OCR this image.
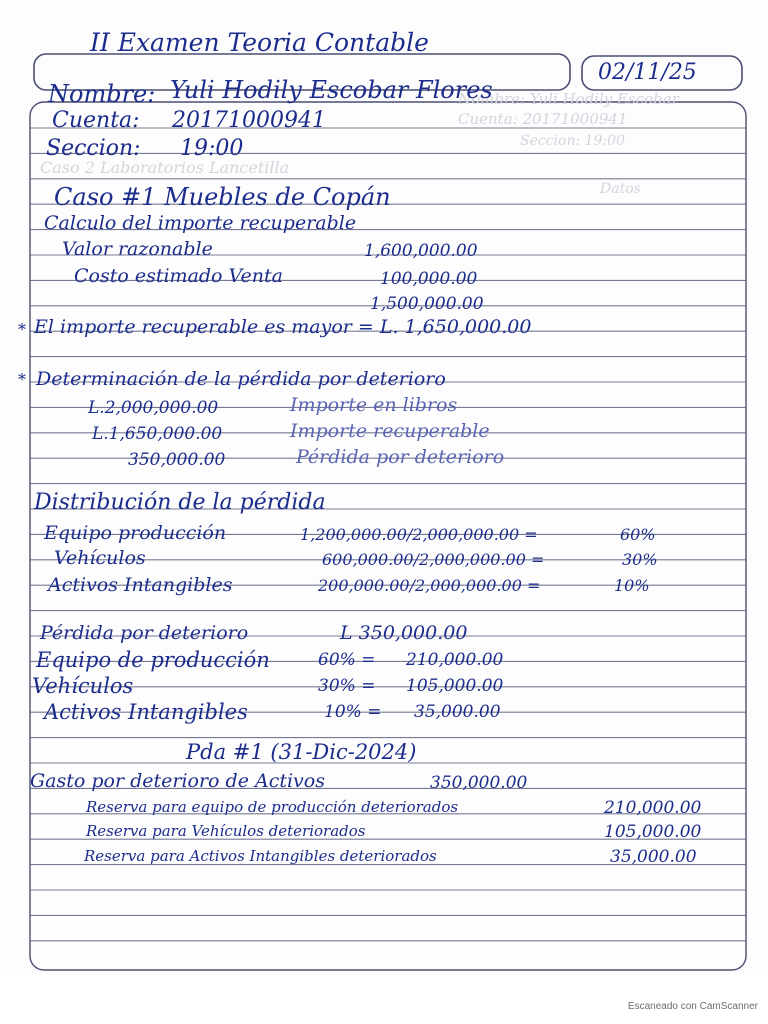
Nombre: Yuli Hodily Escobar
Cuenta: 20171000941
Seccion: 19:00
Caso 2 Laboratorios Lancetilla
Datos
II Examen Teoria Contable
02/11/25
Nombre: Yuli Hodily Escobar Flores
Cuenta: 20171000941
Seccion: 19:00
Caso #1 Muebles de Copán
Calculo del importe recuperable
Valor razonable	1,600,000.00
Costo estimado Venta	100,000.00
1,500,000.00
* El importe recuperable es mayor = L. 1,650,000.00
* Determinación de la pérdida por deterioro
L.2,000,000.00	Importe en libros
L.1,650,000.00	Importe recuperable
350,000.00	Pérdida por deterioro
Distribución de la pérdida
Equipo producción	1,200,000.00/2,000,000.00 =	60%
Vehículos	600,000.00/2,000,000.00 =	30%
Activos Intangibles	200,000.00/2,000,000.00 =	10%
Pérdida por deterioro	L 350,000.00
Equipo de producción	60% = 210,000.00
Vehículos	30% = 105,000.00
Activos Intangibles	10% = 35,000.00
Pda #1 (31-Dic-2024)
Gasto por deterioro de Activos	350,000.00
Reserva para equipo de producción deteriorados	210,000.00
Reserva para Vehículos deteriorados	105,000.00
Reserva para Activos Intangibles deteriorados	35,000.00
Escaneado con CamScanner
